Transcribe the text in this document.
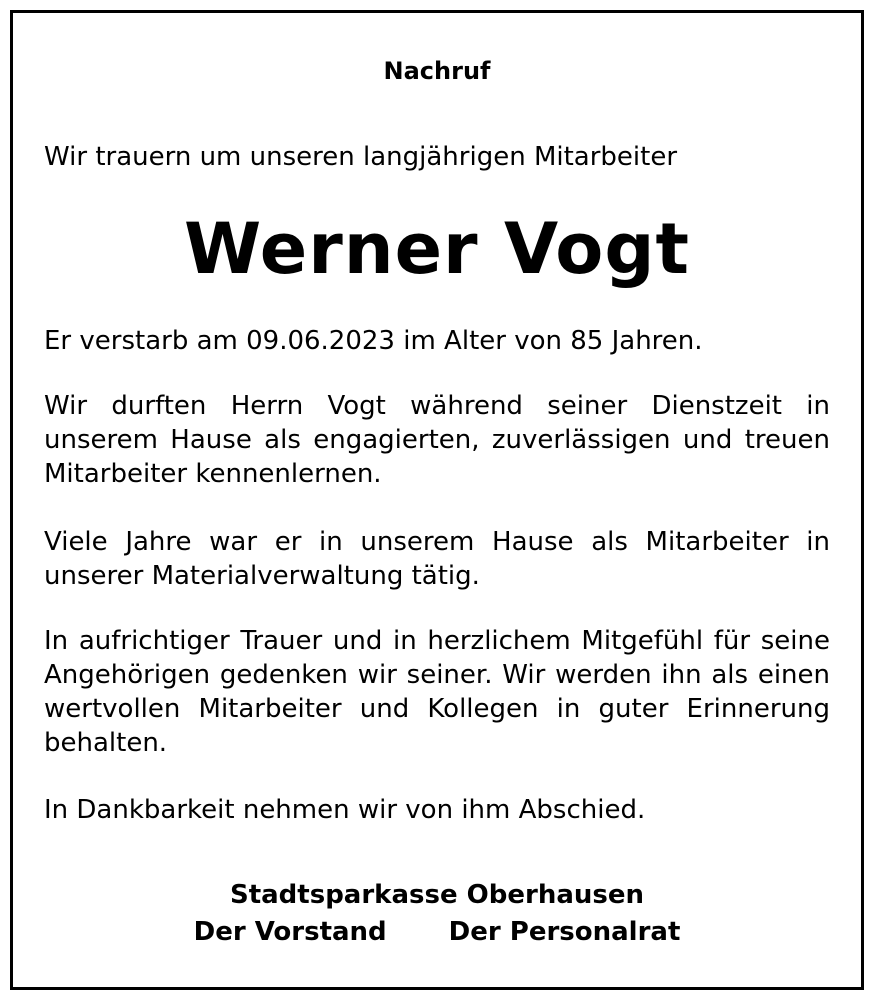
Nachruf
Wir trauern um unseren langjährigen Mitarbeiter
Werner Vogt
Er verstarb am 09.06.2023 im Alter von 85 Jahren.
Wir durften Herrn Vogt während seiner Dienstzeit in unserem Hause als engagierten, zuverlässigen und treuen Mitarbeiter kennenlernen.
Viele Jahre war er in unserem Hause als Mitarbeiter in unserer Materialverwaltung tätig.
In aufrichtiger Trauer und in herzlichem Mitgefühl für seine Angehörigen gedenken wir seiner. Wir werden ihn als einen wertvollen Mitarbeiter und Kollegen in guter Erinnerung behalten.
In Dankbarkeit nehmen wir von ihm Abschied.
Stadtsparkasse Oberhausen
Der Vorstand Der Personalrat
